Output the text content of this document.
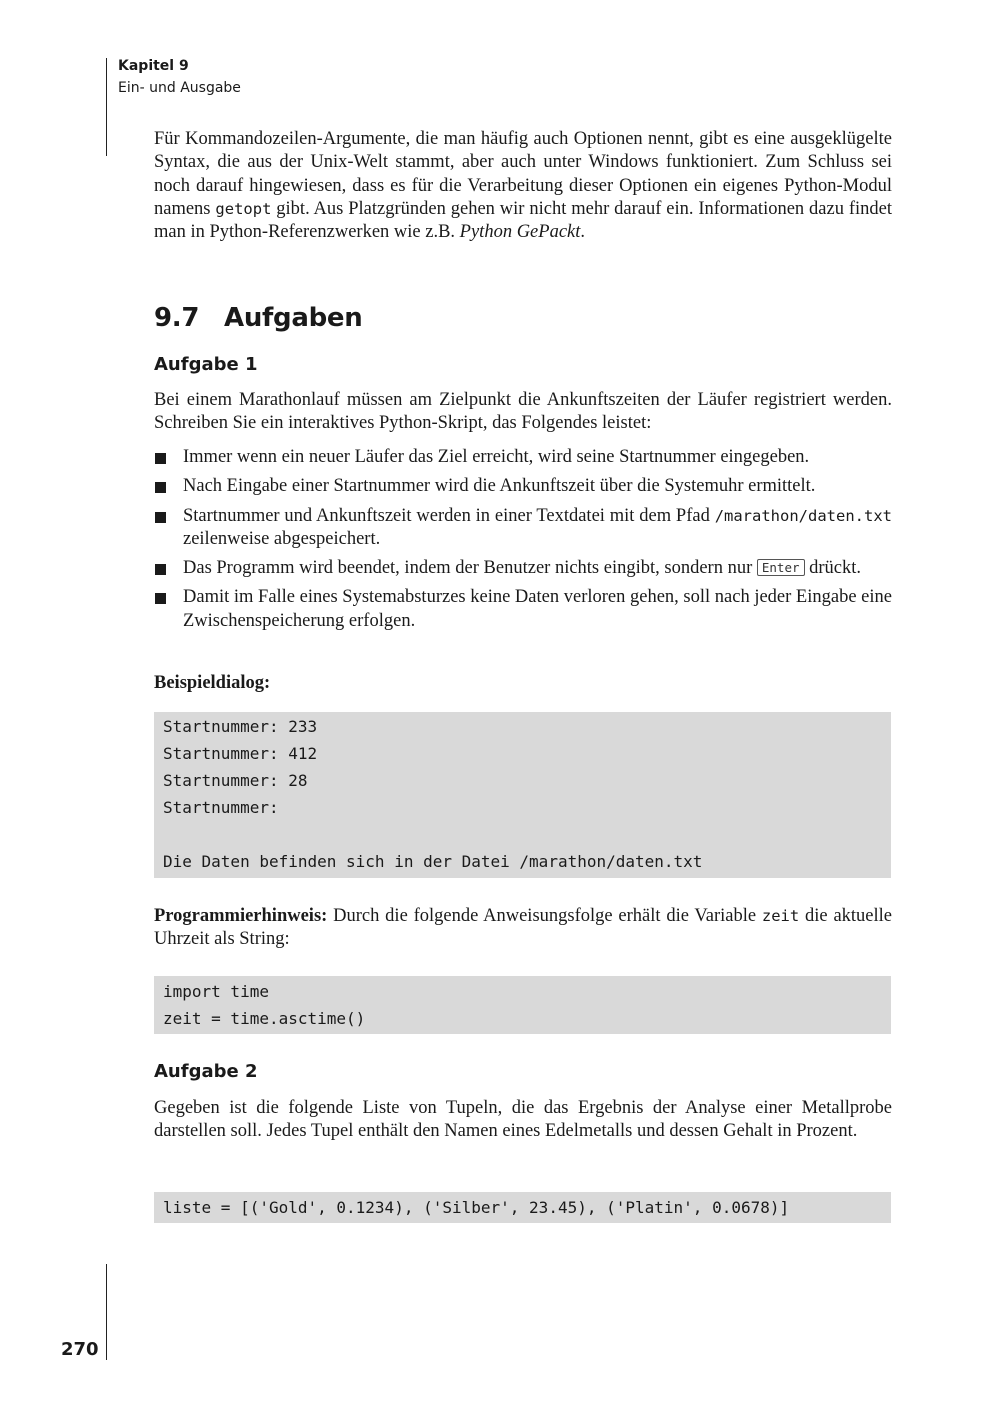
Kapitel 9
Ein- und Ausgabe
Für Kommandozeilen-Argumente, die man häufig auch Optionen nennt, gibt es eine ausgeklügelte Syntax, die aus der Unix-Welt stammt, aber auch unter Windows funktioniert. Zum Schluss sei noch darauf hingewiesen, dass es für die Verarbeitung dieser Optionen ein eigenes Python-Modul namens getopt gibt. Aus Platzgründen gehen wir nicht mehr darauf ein. Informationen dazu findet man in Python-Referenzwerken wie z.B. Python GePackt.
9.7 Aufgaben
Aufgabe 1
Bei einem Marathonlauf müssen am Zielpunkt die Ankunftszeiten der Läufer registriert werden. Schreiben Sie ein interaktives Python-Skript, das Folgendes leistet:
Immer wenn ein neuer Läufer das Ziel erreicht, wird seine Startnummer eingegeben.
Nach Eingabe einer Startnummer wird die Ankunftszeit über die Systemuhr ermittelt.
Startnummer und Ankunftszeit werden in einer Textdatei mit dem Pfad /marathon/daten.txt zeilenweise abgespeichert.
Das Programm wird beendet, indem der Benutzer nichts eingibt, sondern nur Enter drückt.
Damit im Falle eines Systemabsturzes keine Daten verloren gehen, soll nach jeder Eingabe eine Zwischenspeicherung erfolgen.
Beispieldialog:
Startnummer: 233
Startnummer: 412
Startnummer: 28
Startnummer:
Die Daten befinden sich in der Datei /marathon/daten.txt
Programmierhinweis: Durch die folgende Anweisungsfolge erhält die Variable zeit die aktuelle Uhrzeit als String:
import time
zeit = time.asctime()
Aufgabe 2
Gegeben ist die folgende Liste von Tupeln, die das Ergebnis der Analyse einer Metallprobe darstellen soll. Jedes Tupel enthält den Namen eines Edelmetalls und dessen Gehalt in Prozent.
liste = [('Gold', 0.1234), ('Silber', 23.45), ('Platin', 0.0678)]
270
